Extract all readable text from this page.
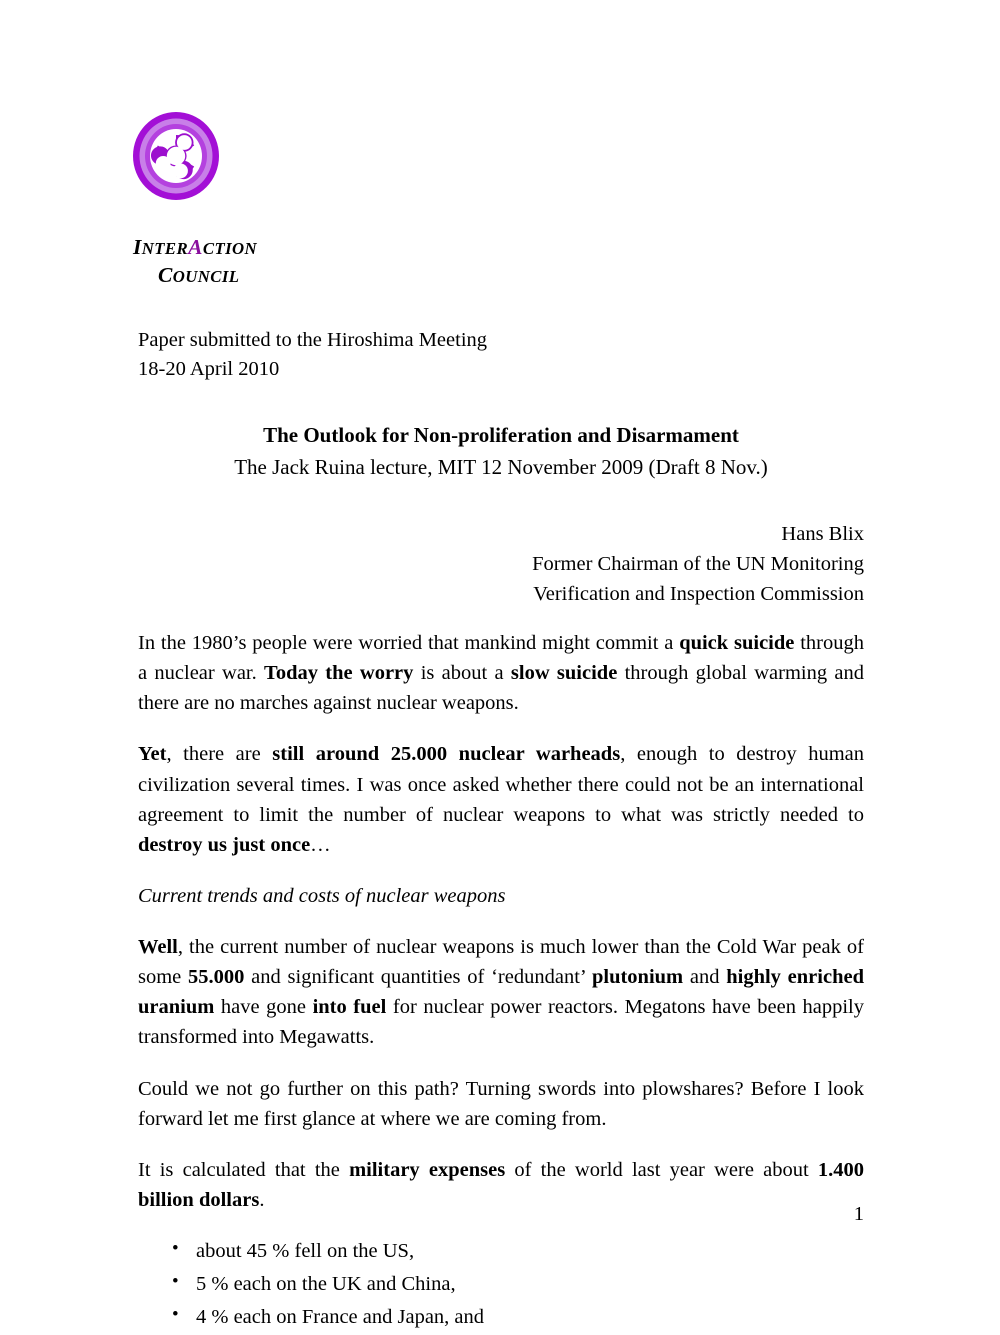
INTERACTION
COUNCIL
Paper submitted to the Hiroshima Meeting
18-20 April 2010
The Outlook for Non-proliferation and Disarmament
The Jack Ruina lecture, MIT 12 November 2009 (Draft 8 Nov.)
Hans Blix
Former Chairman of the UN Monitoring
Verification and Inspection Commission

In the 1980’s people were worried that mankind might commit a quick suicide through a nuclear war. Today the worry is about a slow suicide through global warming and there are no marches against nuclear weapons.

Yet, there are still around 25.000 nuclear warheads, enough to destroy human civilization several times. I was once asked whether there could not be an international agreement to limit the number of nuclear weapons to what was strictly needed to destroy us just once…

Current trends and costs of nuclear weapons

Well, the current number of nuclear weapons is much lower than the Cold War peak of some 55.000 and significant quantities of ‘redundant’ plutonium and highly enriched uranium have gone into fuel for nuclear power reactors. Megatons have been happily transformed into Megawatts.

Could we not go further on this path? Turning swords into plowshares? Before I look forward let me first glance at where we are coming from.

It is calculated that the military expenses of the world last year were about 1.400 billion dollars.

• about 45 % fell on the US,
• 5 % each on the UK and China,
• 4 % each on France and Japan, and
1
